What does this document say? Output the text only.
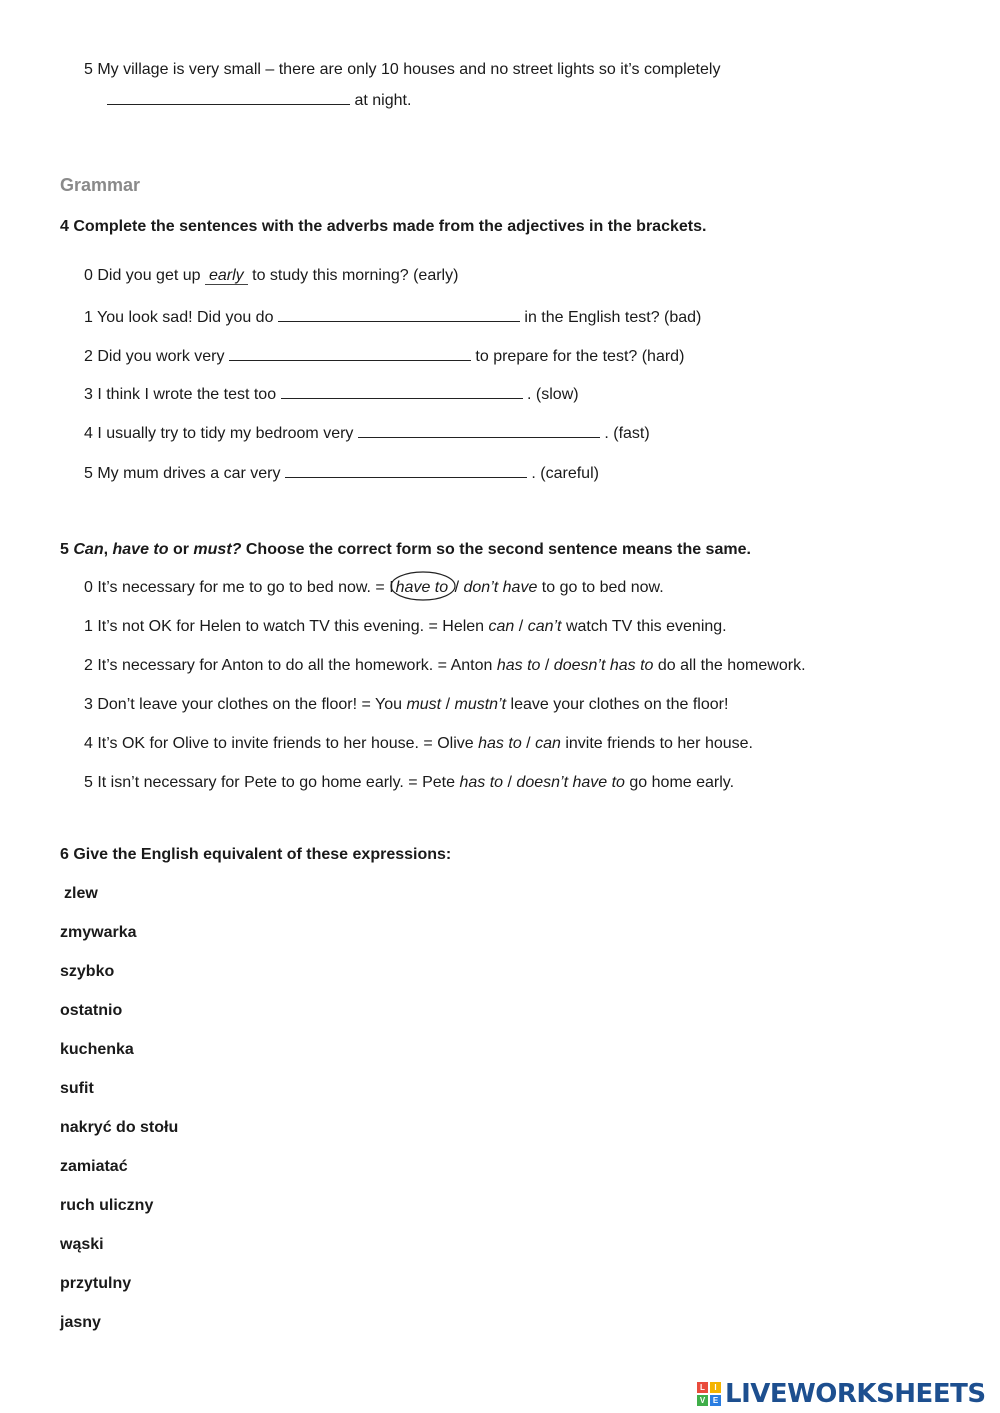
5 My village is very small – there are only 10 houses and no street lights so it’s completely
at night.
Grammar
4 Complete the sentences with the adverbs made from the adjectives in the brackets.
0 Did you get up early to study this morning? (early)
1 You look sad! Did you do	in the English test? (bad)
2 Did you work very	to prepare for the test? (hard)
3 I think I wrote the test too	. (slow)
4 I usually try to tidy my bedroom very	. (fast)
5 My mum drives a car very	. (careful)
5 Can, have to or must? Choose the correct form so the second sentence means the same.
0 It’s necessary for me to go to bed now. = I have to / don’t have to go to bed now.
1 It’s not OK for Helen to watch TV this evening. = Helen can / can’t watch TV this evening.
2 It’s necessary for Anton to do all the homework. = Anton has to / doesn’t has to do all the homework.
3 Don’t leave your clothes on the floor! = You must / mustn’t leave your clothes on the floor!
4 It’s OK for Olive to invite friends to her house. = Olive has to / can invite friends to her house.
5 It isn’t necessary for Pete to go home early. = Pete has to / doesn’t have to go home early.
6 Give the English equivalent of these expressions:
zlew
zmywarka
szybko
ostatnio
kuchenka
sufit
nakryć do stołu
zamiatać
ruch uliczny
wąski
przytulny
jasny
L	I
V E LIVEWORKSHEETS
